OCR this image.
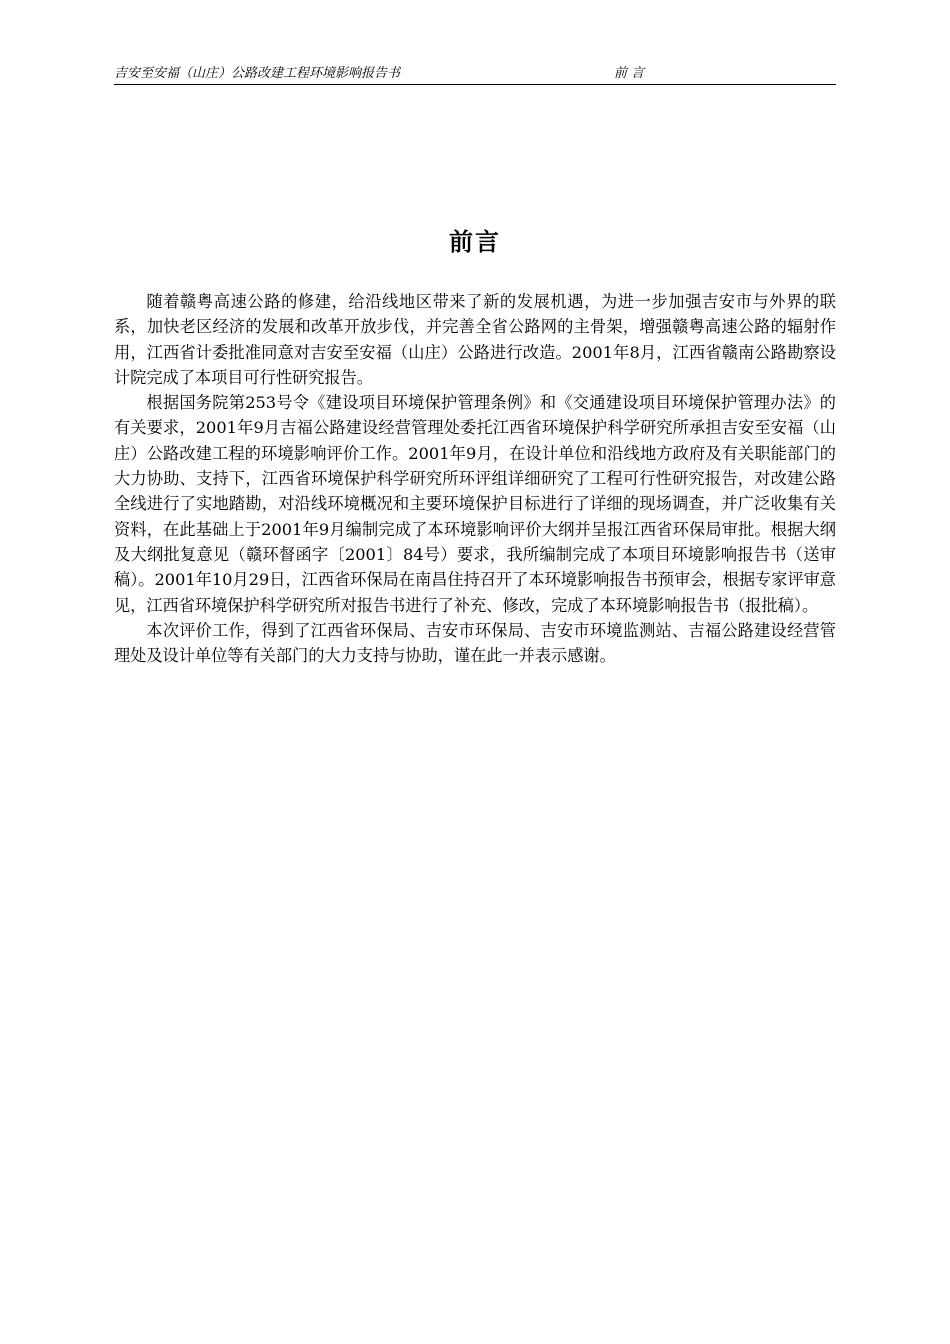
吉安至安福（山庄）公路改建工程环境影响报告书	前 言
前言

随着赣粤高速公路的修建，给沿线地区带来了新的发展机遇，为进一步加强吉安市与外界的联系，加快老区经济的发展和改革开放步伐，并完善全省公路网的主骨架，增强赣粤高速公路的辐射作用，江西省计委批准同意对吉安至安福（山庄）公路进行改造。2001年8月，江西省赣南公路勘察设计院完成了本项目可行性研究报告。

根据国务院第253号令《建设项目环境保护管理条例》和《交通建设项目环境保护管理办法》的有关要求，2001年9月吉福公路建设经营管理处委托江西省环境保护科学研究所承担吉安至安福（山庄）公路改建工程的环境影响评价工作。2001年9月，在设计单位和沿线地方政府及有关职能部门的大力协助、支持下，江西省环境保护科学研究所环评组详细研究了工程可行性研究报告，对改建公路全线进行了实地踏勘，对沿线环境概况和主要环境保护目标进行了详细的现场调查，并广泛收集有关资料，在此基础上于2001年9月编制完成了本环境影响评价大纲并呈报江西省环保局审批。根据大纲及大纲批复意见（赣环督函字〔2001〕84号）要求，我所编制完成了本项目环境影响报告书（送审稿）。2001年10月29日，江西省环保局在南昌住持召开了本环境影响报告书预审会，根据专家评审意见，江西省环境保护科学研究所对报告书进行了补充、修改，完成了本环境影响报告书（报批稿）。

本次评价工作，得到了江西省环保局、吉安市环保局、吉安市环境监测站、吉福公路建设经营管理处及设计单位等有关部门的大力支持与协助，谨在此一并表示感谢。
